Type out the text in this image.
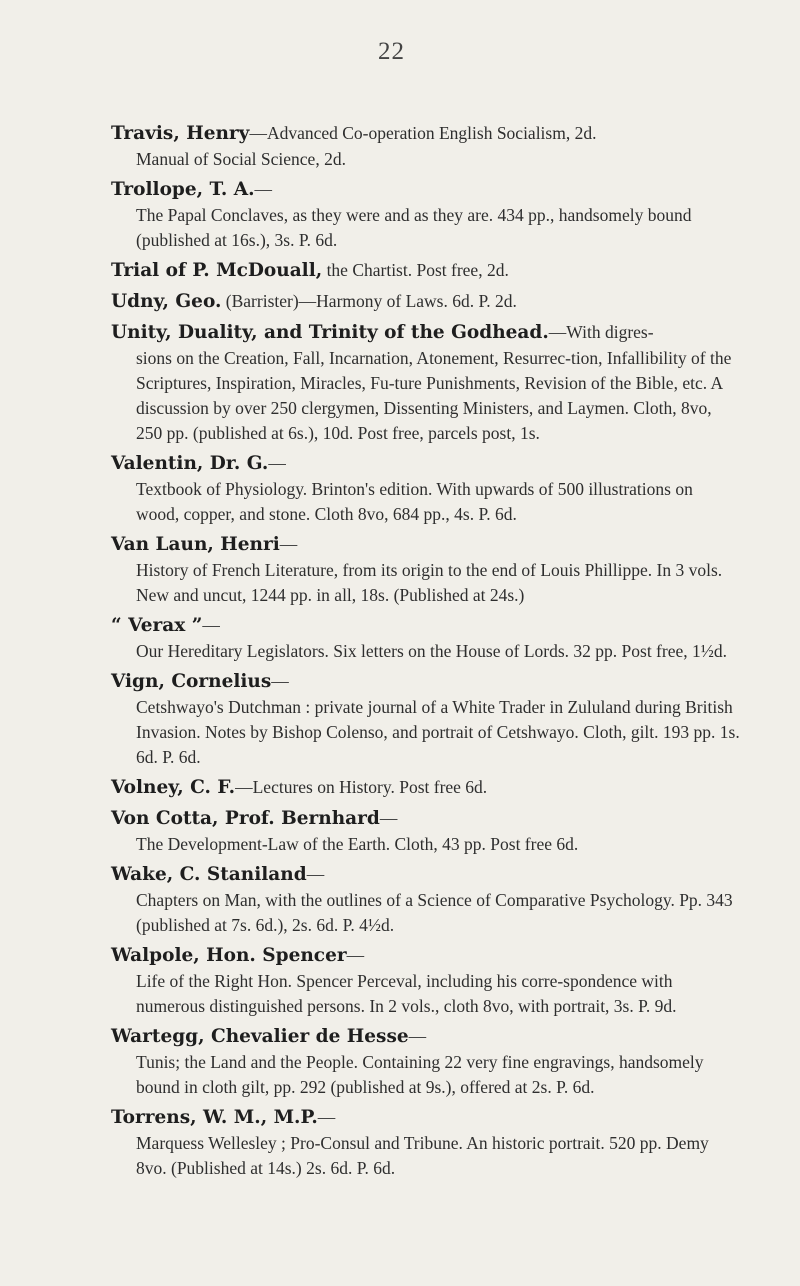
22
Travis, Henry—Advanced Co-operation English Socialism, 2d.
Manual of Social Science, 2d.
Trollope, T. A.—
The Papal Conclaves, as they were and as they are. 434 pp., handsomely bound (published at 16s.), 3s. P. 6d.
Trial of P. McDouall, the Chartist. Post free, 2d.
Udny, Geo. (Barrister)—Harmony of Laws. 6d. P. 2d.
Unity, Duality, and Trinity of the Godhead.—With digres-
sions on the Creation, Fall, Incarnation, Atonement, Resurrec-tion, Infallibility of the Scriptures, Inspiration, Miracles, Fu-ture Punishments, Revision of the Bible, etc. A discussion by over 250 clergymen, Dissenting Ministers, and Laymen. Cloth, 8vo, 250 pp. (published at 6s.), 10d. Post free, parcels post, 1s.
Valentin, Dr. G.—
Textbook of Physiology. Brinton's edition. With upwards of 500 illustrations on wood, copper, and stone. Cloth 8vo, 684 pp., 4s. P. 6d.
Van Laun, Henri—
History of French Literature, from its origin to the end of Louis Phillippe. In 3 vols. New and uncut, 1244 pp. in all, 18s. (Published at 24s.)
“ Verax ”—
Our Hereditary Legislators. Six letters on the House of Lords. 32 pp. Post free, 1½d.
Vign, Cornelius—
Cetshwayo's Dutchman : private journal of a White Trader in Zululand during British Invasion. Notes by Bishop Colenso, and portrait of Cetshwayo. Cloth, gilt. 193 pp. 1s. 6d. P. 6d.
Volney, C. F.—Lectures on History. Post free 6d.
Von Cotta, Prof. Bernhard—
The Development-Law of the Earth. Cloth, 43 pp. Post free 6d.
Wake, C. Staniland—
Chapters on Man, with the outlines of a Science of Comparative Psychology. Pp. 343 (published at 7s. 6d.), 2s. 6d. P. 4½d.
Walpole, Hon. Spencer—
Life of the Right Hon. Spencer Perceval, including his corre-spondence with numerous distinguished persons. In 2 vols., cloth 8vo, with portrait, 3s. P. 9d.
Wartegg, Chevalier de Hesse—
Tunis; the Land and the People. Containing 22 very fine engravings, handsomely bound in cloth gilt, pp. 292 (published at 9s.), offered at 2s. P. 6d.
Torrens, W. M., M.P.—
Marquess Wellesley ; Pro-Consul and Tribune. An historic portrait. 520 pp. Demy 8vo. (Published at 14s.) 2s. 6d. P. 6d.
